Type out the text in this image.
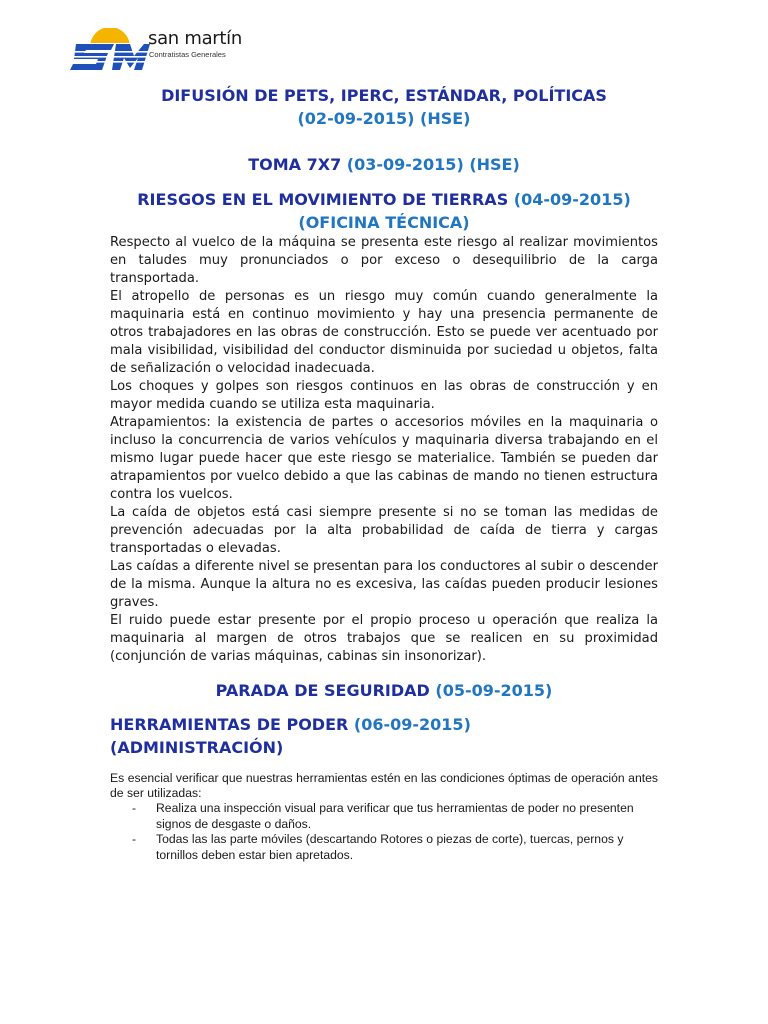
san martín
Contratistas Generales
DIFUSIÓN DE PETS, IPERC, ESTÁNDAR, POLÍTICAS
(02-09-2015) (HSE)
TOMA 7X7 (03-09-2015) (HSE)
RIESGOS EN EL MOVIMIENTO DE TIERRAS (04-09-2015) (OFICINA TÉCNICA)

Respecto al vuelco de la máquina se presenta este riesgo al realizar movimientos en taludes muy pronunciados o por exceso o desequilibrio de la carga transportada.

El atropello de personas es un riesgo muy común cuando generalmente la maquinaria está en continuo movimiento y hay una presencia permanente de otros trabajadores en las obras de construcción. Esto se puede ver acentuado por mala visibilidad, visibilidad del conductor disminuida por suciedad u objetos, falta de señalización o velocidad inadecuada.

Los choques y golpes son riesgos continuos en las obras de construcción y en mayor medida cuando se utiliza esta maquinaria.

Atrapamientos: la existencia de partes o accesorios móviles en la maquinaria o incluso la concurrencia de varios vehículos y maquinaria diversa trabajando en el mismo lugar puede hacer que este riesgo se materialice. También se pueden dar atrapamientos por vuelco debido a que las cabinas de mando no tienen estructura contra los vuelcos.

La caída de objetos está casi siempre presente si no se toman las medidas de prevención adecuadas por la alta probabilidad de caída de tierra y cargas transportadas o elevadas.

Las caídas a diferente nivel se presentan para los conductores al subir o descender de la misma. Aunque la altura no es excesiva, las caídas pueden producir lesiones graves.

El ruido puede estar presente por el propio proceso u operación que realiza la maquinaria al margen de otros trabajos que se realicen en su proximidad (conjunción de varias máquinas, cabinas sin insonorizar).

PARADA DE SEGURIDAD (05-09-2015)
HERRAMIENTAS DE PODER (06-09-2015)
(ADMINISTRACIÓN)

Es esencial verificar que nuestras herramientas estén en las condiciones óptimas de operación antes de ser utilizadas:

- Realiza una inspección visual para verificar que tus herramientas de poder no presenten signos de desgaste o daños.
- Todas las las parte móviles (descartando Rotores o piezas de corte), tuercas, pernos y tornillos deben estar bien apretados.
